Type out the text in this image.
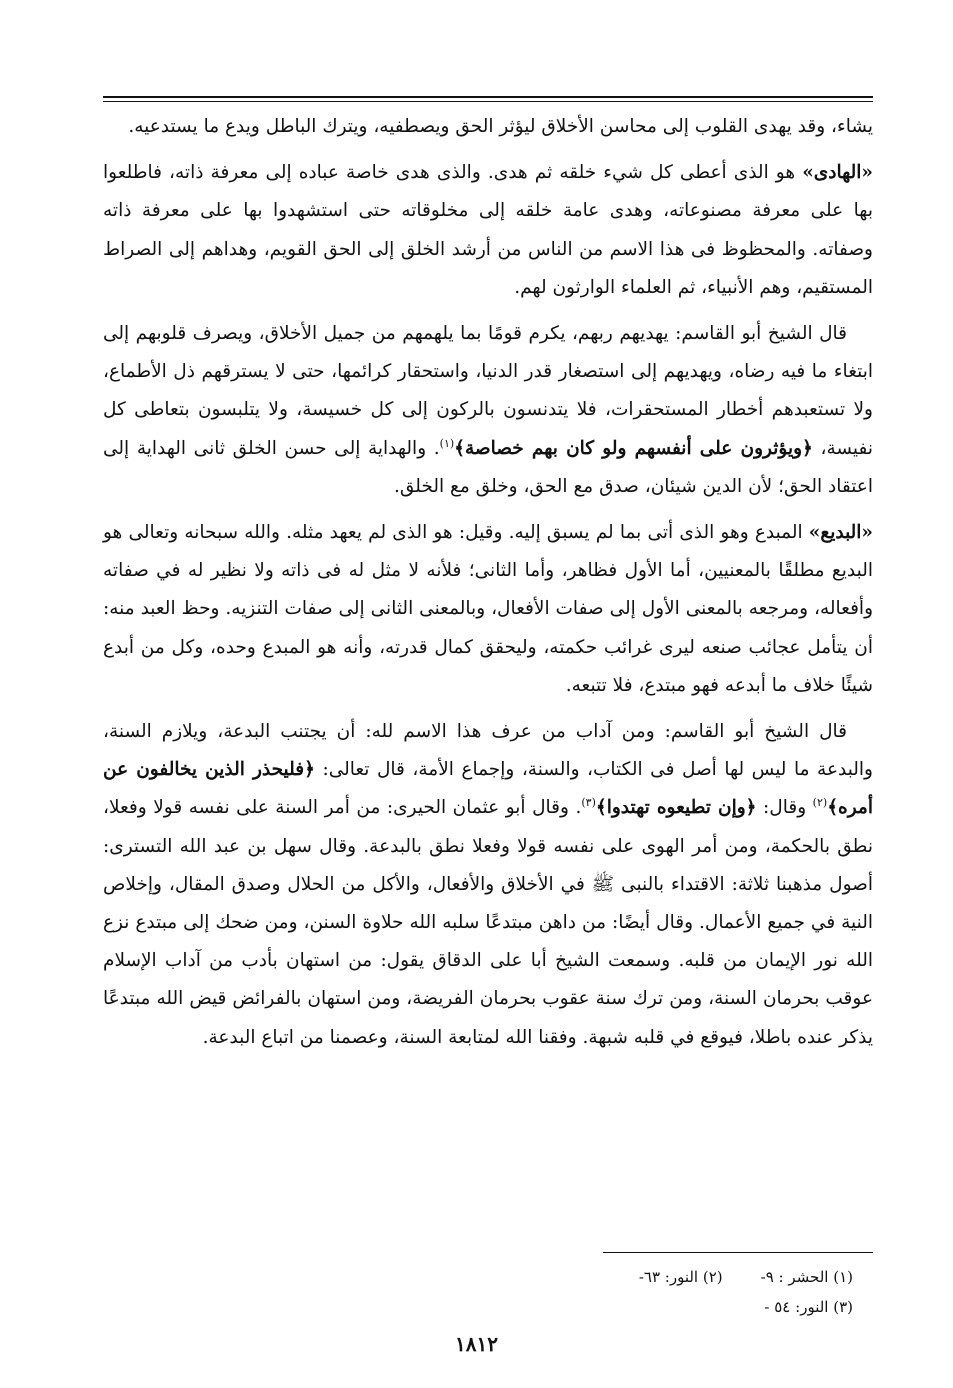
يشاء، وقد يهدى القلوب إلى محاسن الأخلاق ليؤثر الحق ويصطفيه، ويترك الباطل ويدع ما يستدعيه.

«الهادى» هو الذى أعطى كل شيء خلقه ثم هدى. والذى هدى خاصة عباده إلى معرفة ذاته، فاطلعوا بها على معرفة مصنوعاته، وهدى عامة خلقه إلى مخلوقاته حتى استشهدوا بها على معرفة ذاته وصفاته. والمحظوظ فى هذا الاسم من الناس من أرشد الخلق إلى الحق القويم، وهداهم إلى الصراط المستقيم، وهم الأنبياء، ثم العلماء الوارثون لهم.

قال الشيخ أبو القاسم: يهديهم ربهم، يكرم قومًا بما يلهمهم من جميل الأخلاق، ويصرف قلوبهم إلى ابتغاء ما فيه رضاه، ويهديهم إلى استصغار قدر الدنيا، واستحقار كرائمها، حتى لا يسترقهم ذل الأطماع، ولا تستعبدهم أخطار المستحقرات، فلا يتدنسون بالركون إلى كل خسيسة، ولا يتلبسون بتعاطى كل نفيسة، ﴿ويؤثرون على أنفسهم ولو كان بهم خصاصة﴾$^{(١)}$. والهداية إلى حسن الخلق ثانى الهداية إلى اعتقاد الحق؛ لأن الدين شيئان، صدق مع الحق، وخلق مع الخلق.

«البديع» المبدع وهو الذى أتى بما لم يسبق إليه. وقيل: هو الذى لم يعهد مثله. والله سبحانه وتعالى هو البديع مطلقًا بالمعنيين، أما الأول فظاهر، وأما الثانى؛ فلأنه لا مثل له فى ذاته ولا نظير له في صفاته وأفعاله، ومرجعه بالمعنى الأول إلى صفات الأفعال، وبالمعنى الثانى إلى صفات التنزيه. وحظ العبد منه: أن يتأمل عجائب صنعه ليرى غرائب حكمته، وليحقق كمال قدرته، وأنه هو المبدع وحده، وكل من أبدع شيئًا خلاف ما أبدعه فهو مبتدع، فلا تتبعه.

قال الشيخ أبو القاسم: ومن آداب من عرف هذا الاسم لله: أن يجتنب البدعة، ويلازم السنة، والبدعة ما ليس لها أصل فى الكتاب، والسنة، وإجماع الأمة، قال تعالى: ﴿فليحذر الذين يخالفون عن أمره﴾$^{(٢)}$ وقال: ﴿وإن تطيعوه تهتدوا﴾$^{(٣)}$. وقال أبو عثمان الحيرى: من أمر السنة على نفسه قولا وفعلا، نطق بالحكمة، ومن أمر الهوى على نفسه قولا وفعلا نطق بالبدعة. وقال سهل بن عبد الله التسترى: أصول مذهبنا ثلاثة: الاقتداء بالنبى ﷺ في الأخلاق والأفعال، والأكل من الحلال وصدق المقال، وإخلاص النية في جميع الأعمال. وقال أيضًا: من داهن مبتدعًا سلبه الله حلاوة السنن، ومن ضحك إلى مبتدع نزع الله نور الإيمان من قلبه. وسمعت الشيخ أبا على الدقاق يقول: من استهان بأدب من آداب الإسلام عوقب بحرمان السنة، ومن ترك سنة عقوب بحرمان الفريضة، ومن استهان بالفرائض قيض الله مبتدعًا يذكر عنده باطلا، فيوقع في قلبه شبهة. وفقنا الله لمتابعة السنة، وعصمنا من اتباع البدعة.

(١) الحشر : ٩-(٢) النور: ٦٣-
(٣) النور: ٥٤ -
١٨١٢
